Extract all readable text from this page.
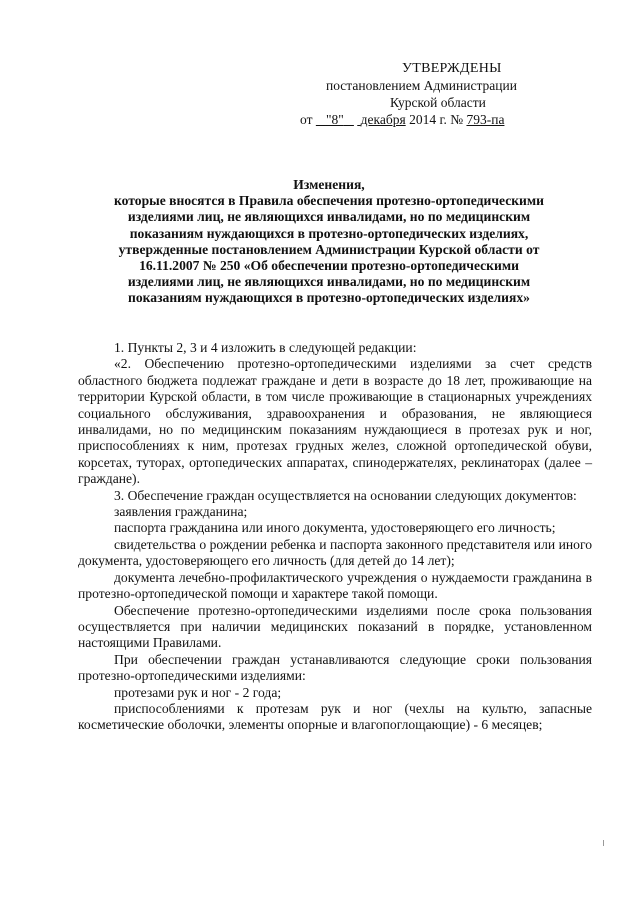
УТВЕРЖДЕНЫ
постановлением Администрации
Курской области
от "8" декабря 2014 г. № 793-па
Изменения,
которые вносятся в Правила обеспечения протезно-ортопедическими
изделиями лиц, не являющихся инвалидами, но по медицинским
показаниям нуждающихся в протезно-ортопедических изделиях,
утвержденные постановлением Администрации Курской области от
16.11.2007 № 250 «Об обеспечении протезно-ортопедическими
изделиями лиц, не являющихся инвалидами, но по медицинским
показаниям нуждающихся в протезно-ортопедических изделиях»

1. Пункты 2, 3 и 4 изложить в следующей редакции:

«2. Обеспечению протезно-ортопедическими изделиями за счет средств областного бюджета подлежат граждане и дети в возрасте до 18 лет, проживающие на территории Курской области, в том числе проживающие в стационарных учреждениях социального обслуживания, здравоохранения и образования, не являющиеся инвалидами, но по медицинским показаниям нуждающиеся в протезах рук и ног, приспособлениях к ним, протезах грудных желез, сложной ортопедической обуви, корсетах, туторах, ортопедических аппаратах, спинодержателях, реклинаторах (далее – граждане).

3. Обеспечение граждан осуществляется на основании следующих документов:

заявления гражданина;

паспорта гражданина или иного документа, удостоверяющего его личность;

свидетельства о рождении ребенка и паспорта законного представителя или иного документа, удостоверяющего его личность (для детей до 14 лет);

документа лечебно-профилактического учреждения о нуждаемости гражданина в протезно-ортопедической помощи и характере такой помощи.

Обеспечение протезно-ортопедическими изделиями после срока пользования осуществляется при наличии медицинских показаний в порядке, установленном настоящими Правилами.

При обеспечении граждан устанавливаются следующие сроки пользования протезно-ортопедическими изделиями:

протезами рук и ног - 2 года;

приспособлениями к протезам рук и ног (чехлы на культю, запасные косметические оболочки, элементы опорные и влагопоглощающие) - 6 месяцев;
